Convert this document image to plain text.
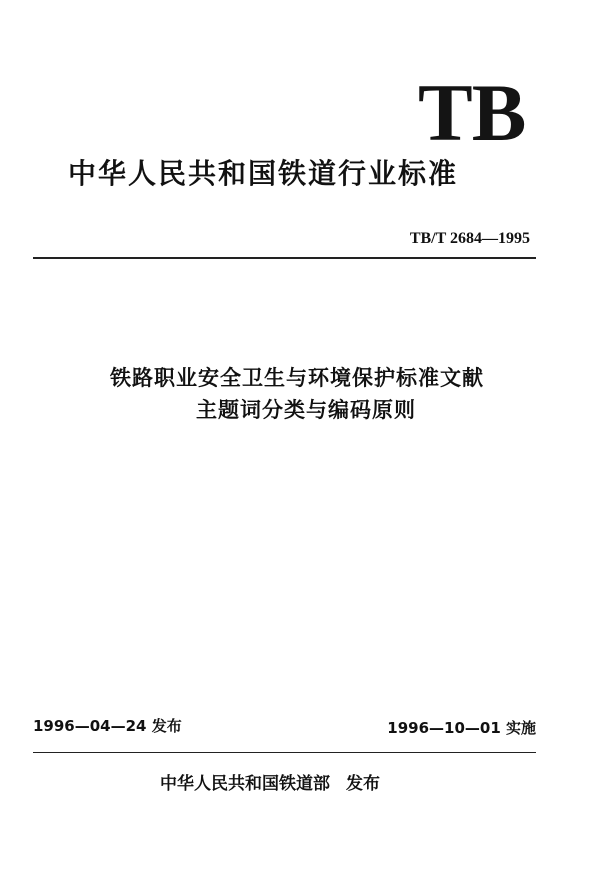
TB
中华人民共和国铁道行业标准
TB/T 2684—1995
铁路职业安全卫生与环境保护标准文献
主题词分类与编码原则
1996—04—24 发布	1996—10—01 实施
中华人民共和国铁道部 发布
